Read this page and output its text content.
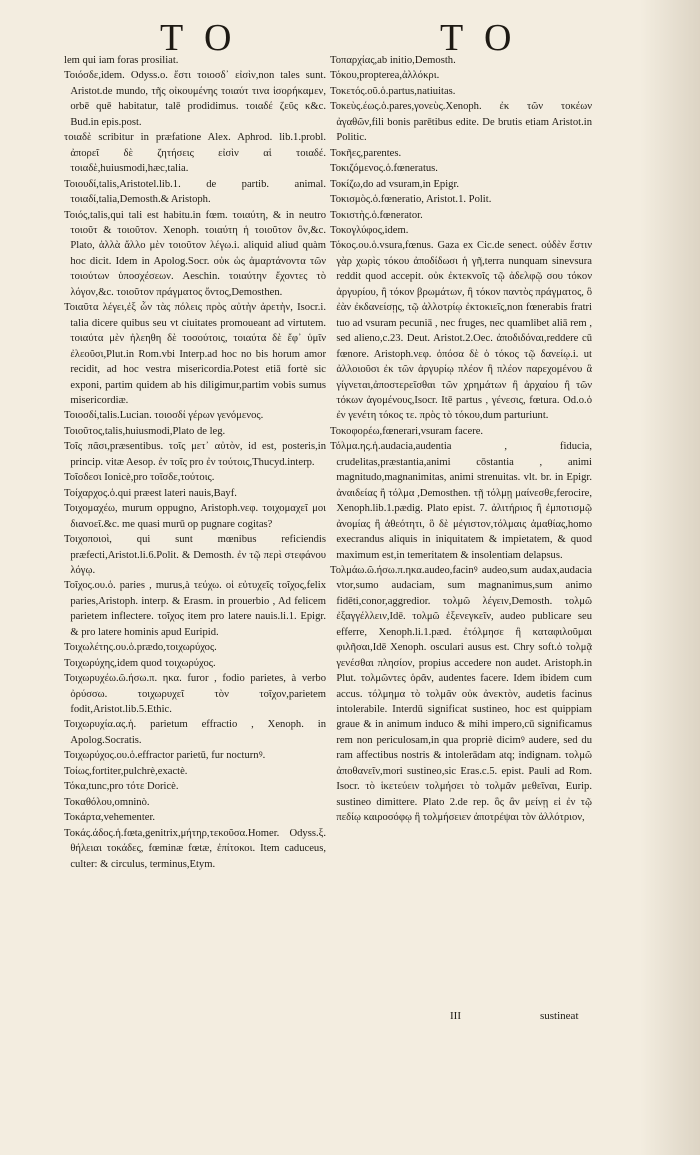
T O	T O

lem qui iam foras prosiliat.

Τοιόσδε,idem. Odyss.ο. ἔστι τοιοσδ᾽ εἰσὶν,non tales sunt. Aristot.de mundo, τῆς οἰκουμένης τοιαύτ τινα ἱσορήκαμεν, orbē quē habitatur, talē prodidimus. τοιαδέ ζεῦς κ&c. Bud.in epis.post.

τοιαδὲ scribitur in præfatione Alex. Aphrod. lib.1.probl. ἀπορεῖ δὲ ζητήσεις εἰσὶν αἱ τοιαδέ. τοιαδὲ,huiusmodi,hæc,talia.

Τοιουδί,talis,Aristotel.lib.1. de partib. animal. τοιαδί,talia,Demosth.& Aristoph.

Τοιός,talis,qui tali est habitu.in fœm. τοιαύτη, & in neutro τοιοῦτ & τοιοῦτον. Xenoph. τοιαύτη ἡ τοιοῦτον ὂν,&c. Plato, ἀλλὰ ἄλλο μὲν τοιοῦτον λέγω.i. aliquid aliud quàm hoc dicit. Idem in Apolog.Socr. οὐκ ὡς ἀμαρτάνοντα τῶν τοιούτων ὑποσχέσεων. Aeschin. τοιαύτην ἔχοντες τὸ λόγον,&c. τοιοῦτον πράγματος ὄντος,Demosthen.

Τοιαῦτα λέγει,ἐξ ὧν τὰς πόλεις πρὸς αὐτὴν ἀρετὴν, Isocr.i. talia dicere quibus seu vt ciuitates promoueant ad virtutem. τοιαύτα μὲν ἠλεηθη δὲ τοσούτοις, τοιαύτα δὲ ἔφ᾽ ὑμῖν ἐλεοῦσι,Plut.in Rom.vbi Interp.ad hoc no bis horum amor recidit, ad hoc vestra misericordia.Potest etiā fortè sic exponi, partim quidem ab his diligimur,partim vobis sumus misericordiæ.

Τοιοσδί,talis.Lucian. τοιοσδί γέρων γενόμενος.

Τοιοῦτος,talis,huiusmodi,Plato de leg.

Τοῖς πᾶσι,præsentibus. τοῖς μετ᾽ αὐτὸν, id est, posteris,in princip. vitæ Aesop. ἐν τοῖς pro ἐν τούτοις,Thucyd.interp.

Τοῖσδεσι Ionicè,pro τοῖσδε,τούτοις.

Τοίχαρχος.ὁ.qui præest lateri nauis,Bayf.

Τοιχομαχέω, murum oppugno, Aristoph.νεφ. τοιχομαχεῖ μοι διανοεῖ.&c. me quasi murū op pugnare cogitas?

Τοιχοποιοὶ, qui sunt mœnibus reficiendis præfecti,Aristot.li.6.Polit. & Demosth. ἐν τῷ περὶ στεφάνου λόγῳ.

Τοῖχος.ου.ὁ. paries , murus,à τεύχω. οἱ εὐτυχεῖς τοῖχος,felix paries,Aristoph. interp. & Erasm. in prouerbio , Ad felicem parietem inflectere. τοῖχος item pro latere nauis.li.1. Epigr. & pro latere hominis apud Euripid.

Τοιχωλέτης.ου.ὁ.prædo,τοιχωρύχος.

Τοιχωρύχης,idem quod τοιχωρύχος.

Τοιχωρυχέω.ῶ.ήσω.π. ηκα. furor , fodio parietes, à verbo ὀρύσσω. τοιχωρυχεῖ τὸν τοῖχον,parietem fodit,Aristot.lib.5.Ethic.

Τοιχωρυχία.ας.ἡ. parietum effractio , Xenoph. in Apolog.Socratis.

Τοιχωρύχος.ου.ὁ.effractor parietū, fur nocturnꝰ.

Τοίως,fortiter,pulchrè,exactè.

Τόκα,tunc,pro τότε Doricè.

Τοκαθόλου,omninò.

Τοκάρτα,vehementer.

Τοκάς.άδος.ἡ.fœta,genitrix,μήτηρ,τεκοῦσα.Homer. Odyss.ξ. θήλειαι τοκάδες, fœminæ fœtæ, ἐπίτοκοι. Item caduceus, culter: & circulus, terminus,Etym.

Τοπαρχίας,ab initio,Demosth.

Τόκου,propterea,ἀλλόκρι.

Τοκετός.οῦ.ὁ.partus,natiuitas.

Τοκεὺς.έως.ὁ.pares,γονεὺς.Xenoph. ἐκ τῶν τοκέων ἀγαθῶν,fili bonis parētibus edite. De brutis etiam Aristot.in Politic.

Τοκῆες,parentes.

Τοκιζόμενος.ὁ.fœneratus.

Τοκίζω,do ad vsuram,in Epigr.

Τοκισμὸς.ὁ.fœneratio, Aristot.1. Polit.

Τοκιστὴς.ὁ.fœnerator.

Τοκογλύφος,idem.

Τόκος.ου.ὁ.vsura,fœnus. Gaza ex Cic.de senect. οὐδὲν ἔστιν γὰρ χωρὶς τόκου ἀποδίδωσι ἡ γῆ,terra nunquam sinevsura reddit quod accepit. οὐκ ἐκτεκνοῖς τῷ ἀδελφῷ σου τόκον ἀργυρίου, ἢ τόκον βρωμάτων, ἢ τόκον παντὸς πράγματος, ὃ ἐὰν ἐκδανείσῃς, τῷ ἀλλοτρίῳ ἐκτοκιεῖς,non fœnerabis fratri tuo ad vsuram pecuniā , nec fruges, nec quamlibet aliā rem , sed alieno,c.23. Deut. Aristot.2.Oec. ἀποδιδόναι,reddere cū fœnore. Aristoph.νεφ. ὁπόσα δὲ ὁ τόκος τῷ δανείῳ.i. ut ἀλλοιοῦσι ἐκ τῶν ἀργυρίῳ πλέον ἢ πλέον παρεχομένου ἃ γίγνεται,ἀποστερεῖσθαι τῶν χρημάτων ἢ ἀρχαίου ἢ τῶν τόκων ἀγομένους,Isocr. Itē partus , γένεσις, fœtura. Od.ο.ὁ ἐν γενέτη τόκος τε. πρὸς τὸ τόκου,dum parturiunt.

Τοκοφορέω,fœnerari,vsuram facere.

Τόλμα.ης.ἡ.audacia,audentia , fiducia, crudelitas,præstantia,animi cōstantia , animi magnitudo,magnanimitas, animi strenuitas. vlt. br. in Epigr. ἀναιδείας ἢ τόλμα ,Demosthen. τῇ τόλμῃ μαίνεσθε,ferocire, Xenoph.lib.1.pædig. Plato epist. 7. ἀλιτήριος ἢ ἐμποτισμῷ ἀνομίας ἢ ἀθεότητι, ὃ δὲ μέγιστον,τόλμαις ἀμαθίας,homo execrandus aliquis in iniquitatem & impietatem, & quod maximum est,in temeritatem & insolentiam delapsus.

Τολμάω.ῶ.ήσω.π.ηκα.audeo,facinꝰ audeo,sum audax,audacia vtor,sumo audaciam, sum magnanimus,sum animo fidēti,conor,aggredior. τολμῶ λέγειν,Demosth. τολμῶ ἐξαγγέλλειν,Idē. τολμῶ ἐξενεγκεῖν, audeo publicare seu efferre, Xenoph.li.1.pæd. ἐτόλμησε ἢ καταφιλοῦμαι φιλῆσαι,Idē Xenoph. osculari ausus est. Chry soft.ὁ τολμᾷ γενέσθαι πλησίον, propius accedere non audet. Aristoph.in Plut. τολμῶντες ὁρᾶν, audentes facere. Idem ibidem cum accus. τόλμημα τὸ τολμᾶν οὐκ ἀνεκτὸν, audetis facinus intolerabile. Interdū significat sustineo, hoc est quippiam graue & in animum induco & mihi impero,cū significamus rem non periculosam,in qua propriè dicimꝰ audere, sed du ram affectibus nostris & intolerādam atq; indignam. τολμῶ ἀποθανεῖν,mori sustineo,sic Eras.c.5. epist. Pauli ad Rom. Isocr. τὸ ἱκετεύειν τολμήσει τὸ τολμᾶν μεθεῖναι, Eurip. sustineo dimittere. Plato 2.de rep. ὃς ἂν μείνῃ εἰ ἐν τῷ πεδίῳ καιροσόφῳ ἢ τολμήσειεν ἀποτρέψαι τὸν ἀλλότριον,

III	sustineat
